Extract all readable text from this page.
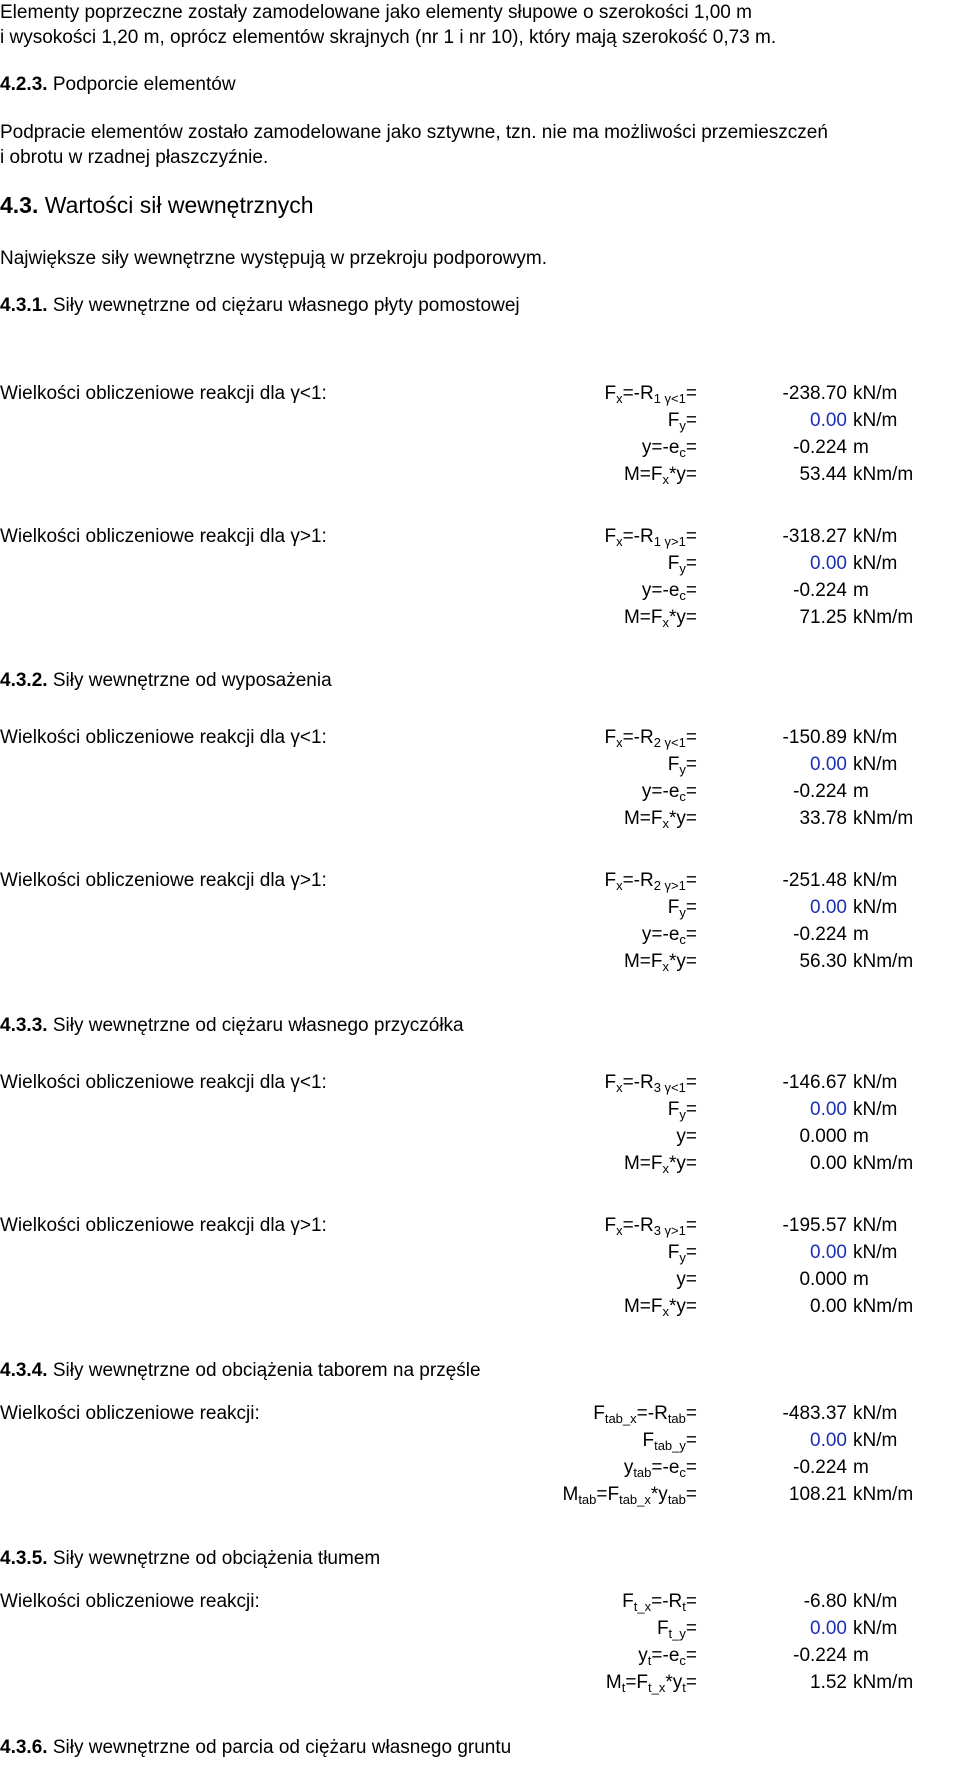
Elementy poprzeczne zostały zamodelowane jako elementy słupowe o szerokości 1,00 m
i wysokości 1,20 m, oprócz elementów skrajnych (nr 1 i nr 10), który mają szerokość 0,73 m.
4.2.3. Podporcie elementów
Podpracie elementów zostało zamodelowane jako sztywne, tzn. nie ma możliwości przemieszczeń
i obrotu w rzadnej płaszczyźnie.
4.3. Wartości sił wewnętrznych
Największe siły wewnętrzne występują w przekroju podporowym.
4.3.1. Siły wewnętrzne od ciężaru własnego płyty pomostowej
4.3.2. Siły wewnętrzne od wyposażenia
4.3.3. Siły wewnętrzne od ciężaru własnego przyczółka
4.3.4. Siły wewnętrzne od obciążenia taborem na przęśle
4.3.5. Siły wewnętrzne od obciążenia tłumem
4.3.6. Siły wewnętrzne od parcia od ciężaru własnego gruntu
Wielkości obliczeniowe reakcji dla γ<1:	$F_x=-R_{1 \gamma<1}=$	-238.70 kN/m
$F_y=$	0.00 kN/m
$y=-e_c=$	-0.224 m
$M=F_x*y=$	53.44 kNm/m
Wielkości obliczeniowe reakcji dla γ>1:	$F_x=-R_{1 \gamma>1}=$	-318.27 kN/m
$F_y=$	0.00 kN/m
$y=-e_c=$	-0.224 m
$M=F_x*y=$	71.25 kNm/m
Wielkości obliczeniowe reakcji dla γ<1:	$F_x=-R_{2 \gamma<1}=$	-150.89 kN/m
$F_y=$	0.00 kN/m
$y=-e_c=$	-0.224 m
$M=F_x*y=$	33.78 kNm/m
Wielkości obliczeniowe reakcji dla γ>1:	$F_x=-R_{2 \gamma>1}=$	-251.48 kN/m
$F_y=$	0.00 kN/m
$y=-e_c=$	-0.224 m
$M=F_x*y=$	56.30 kNm/m
Wielkości obliczeniowe reakcji dla γ<1:	$F_x=-R_{3 \gamma<1}=$	-146.67 kN/m
$F_y=$	0.00 kN/m
y=	0.000 m
$M=F_x*y=$	0.00 kNm/m
Wielkości obliczeniowe reakcji dla γ>1:	$F_x=-R_{3 \gamma>1}=$	-195.57 kN/m
$F_y=$	0.00 kN/m
y=	0.000 m
$M=F_x*y=$	0.00 kNm/m
Wielkości obliczeniowe reakcji:	$F_{tab\_x}=-R_{tab}=$	-483.37 kN/m
$F_{tab\_y}=$	0.00 kN/m
$y_{tab}=-e_c=$	-0.224 m
$M_{tab}=F_{tab\_x}*y_{tab}=$	108.21 kNm/m
Wielkości obliczeniowe reakcji:	$F_{t\_x}=-R_t=$	-6.80 kN/m
$F_{t\_y}=$	0.00 kN/m
$y_t=-e_c=$	-0.224 m
$M_t=F_{t\_x}*y_t=$	1.52 kNm/m
